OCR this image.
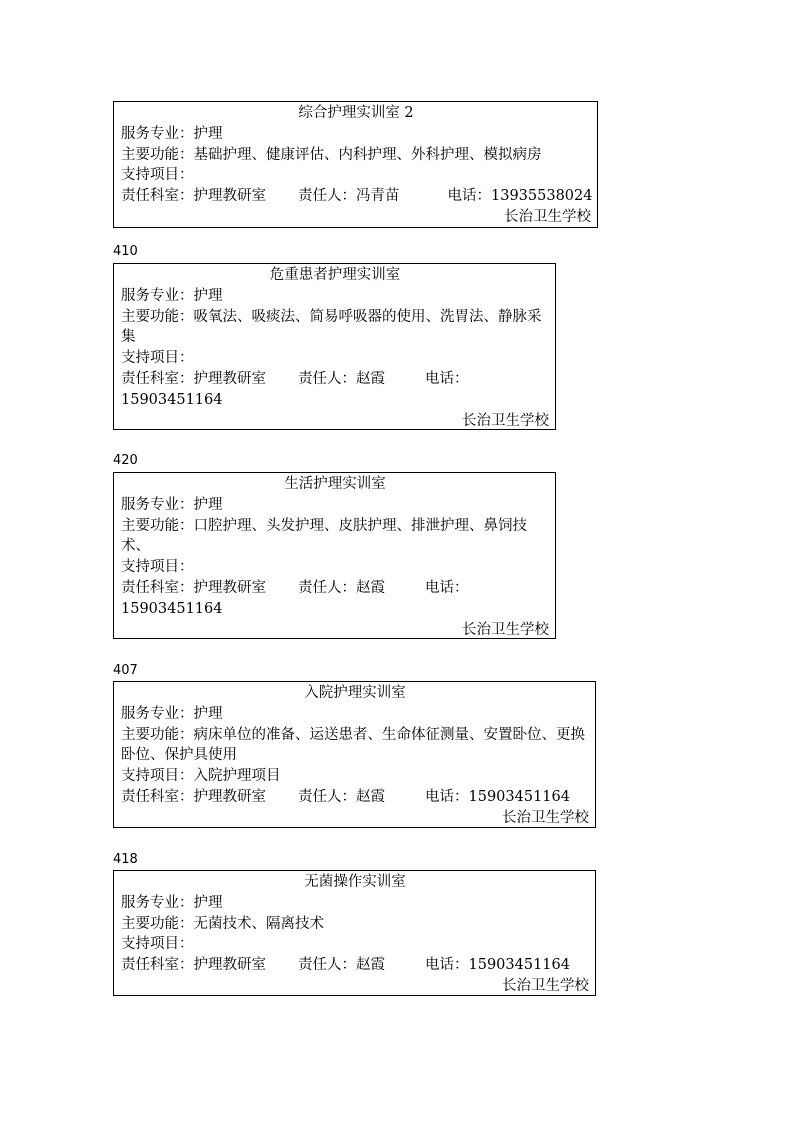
综合护理实训室 2
服务专业：护理
主要功能：基础护理、健康评估、内科护理、外科护理、模拟病房
支持项目：
责任科室：护理教研室 责任人：冯青苗	电话：13935538024
长治卫生学校
410
危重患者护理实训室
服务专业：护理
主要功能：吸氧法、吸痰法、简易呼吸器的使用、洗胃法、静脉采集
支持项目：
责任科室：护理教研室 责任人：赵霞	电话：15903451164
长治卫生学校
420
生活护理实训室
服务专业：护理
主要功能：口腔护理、头发护理、皮肤护理、排泄护理、鼻饲技术、
支持项目：
责任科室：护理教研室 责任人：赵霞	电话：15903451164
长治卫生学校
407
入院护理实训室
服务专业：护理
主要功能：病床单位的准备、运送患者、生命体征测量、安置卧位、更换卧位、保护具使用
支持项目：入院护理项目
责任科室：护理教研室 责任人：赵霞	电话：15903451164
长治卫生学校
418
无菌操作实训室
服务专业：护理
主要功能：无菌技术、隔离技术
支持项目：
责任科室：护理教研室 责任人：赵霞	电话：15903451164
长治卫生学校
